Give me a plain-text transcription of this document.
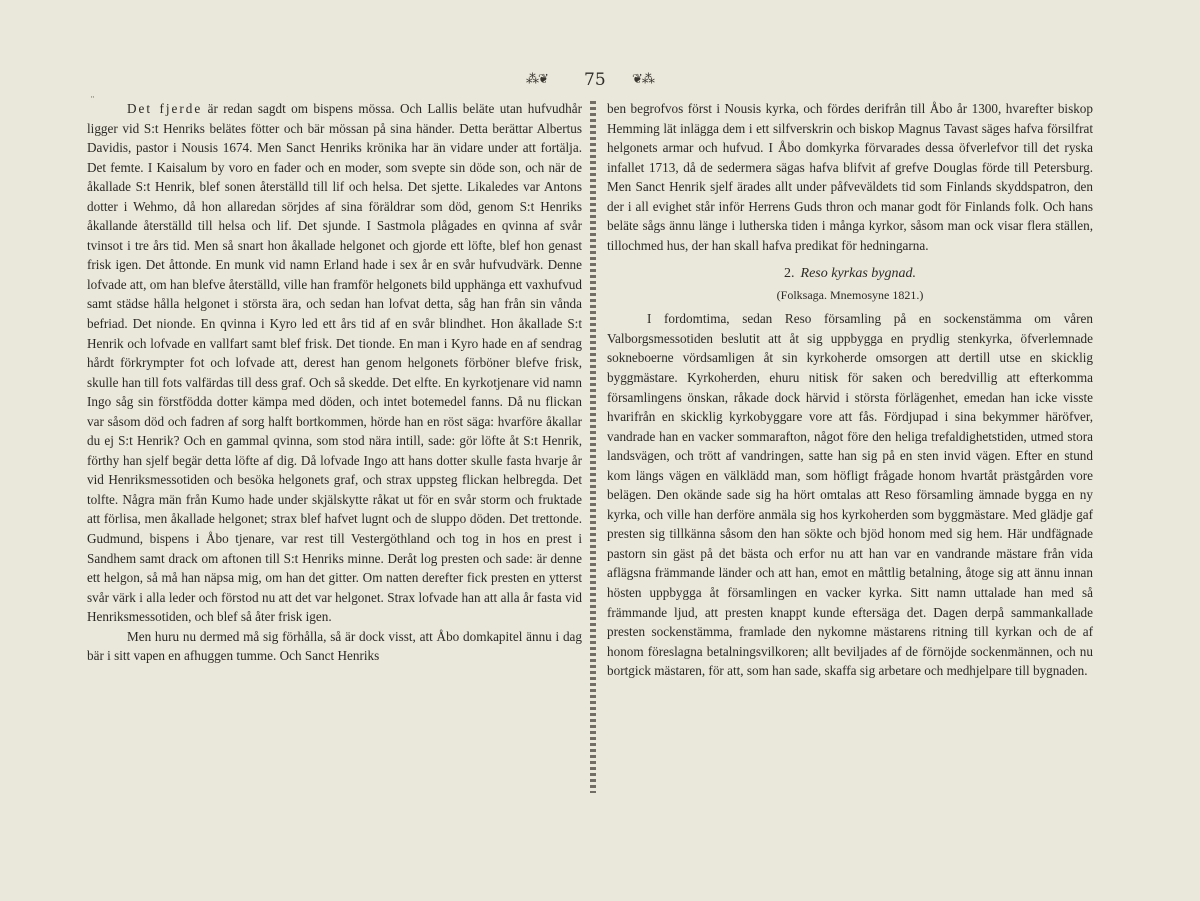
⁂❦ 75 ❦⁂
¨	Det fjerde är redan sagdt om bispens mössa. Och Lallis beläte utan hufvudhår ligger vid S:t Henriks belätes fötter och bär mössan på sina händer. Detta berättar Albertus Davidis, pastor i Nousis 1674. Men Sanct Henriks krönika har än vidare under att fortälja. Det femte. I Kaisalum by voro en fader och en moder, som svepte sin döde son, och när de åkallade S:t Henrik, blef sonen återställd till lif och helsa. Det sjette. Likaledes var Antons dotter i Wehmo, då hon allaredan sörjdes af sina föräldrar som död, genom S:t Henriks åkallande återställd till helsa och lif. Det sjunde. I Sastmola plågades en qvinna af svår tvinsot i tre års tid. Men så snart hon åkallade helgonet och gjorde ett löfte, blef hon genast frisk igen. Det åttonde. En munk vid namn Erland hade i sex år en svår hufvudvärk. Denne lofvade att, om han blefve återställd, ville han framför helgonets bild upphänga ett vaxhufvud samt städse hålla helgonet i största ära, och sedan han lofvat detta, såg han från sin vånda befriad. Det nionde. En qvinna i Kyro led ett års tid af en svår blindhet. Hon åkallade S:t Henrik och lofvade en vallfart samt blef frisk. Det tionde. En man i Kyro hade en af sendrag hårdt förkrympter fot och lofvade att, derest han genom helgonets förböner blefve frisk, skulle han till fots valfärdas till dess graf. Och så skedde. Det elfte. En kyrkotjenare vid namn Ingo såg sin förstfödda dotter kämpa med döden, och intet botemedel fanns. Då nu flickan var såsom död och fadren af sorg halft bortkommen, hörde han en röst säga: hvarföre åkallar du ej S:t Henrik? Och en gammal qvinna, som stod nära intill, sade: gör löfte åt S:t Henrik, förthy han sjelf begär detta löfte af dig. Då lofvade Ingo att hans dotter skulle fasta hvarje år vid Henriksmessotiden och besöka helgonets graf, och strax uppsteg flickan helbregda. Det tolfte. Några män från Kumo hade under skjälskytte råkat ut för en svår storm och fruktade att förlisa, men åkallade helgonet; strax blef hafvet lugnt och de sluppo döden. Det trettonde. Gudmund, bispens i Åbo tjenare, var rest till Vestergöthland och tog in hos en prest i Sandhem samt drack om aftonen till S:t Henriks minne. Deråt log presten och sade: är denne ett helgon, så må han näpsa mig, om han det gitter. Om natten derefter fick presten en ytterst svår värk i alla leder och förstod nu att det var helgonet. Strax lofvade han att alla år fasta vid Henriksmessotiden, och blef så åter frisk igen.

Men huru nu dermed må sig förhålla, så är dock visst, att Åbo domkapitel ännu i dag bär i sitt vapen en afhuggen tumme. Och Sanct Henriks

ben begrofvos först i Nousis kyrka, och fördes derifrån till Åbo år 1300, hvarefter biskop Hemming lät inlägga dem i ett silfverskrin och biskop Magnus Tavast säges hafva försilfrat helgonets armar och hufvud. I Åbo domkyrka förvarades dessa öfverlefvor till det ryska infallet 1713, då de sedermera sägas hafva blifvit af grefve Douglas förde till Petersburg. Men Sanct Henrik sjelf ärades allt under påfveväldets tid som Finlands skyddspatron, den der i all evighet står inför Herrens Guds thron och manar godt för Finlands folk. Och hans beläte sågs ännu länge i lutherska tiden i många kyrkor, såsom man ock visar flera ställen, tillochmed hus, der han skall hafva predikat för hedningarna.

2. Reso kyrkas bygnad.
(Folksaga. Mnemosyne 1821.)

I fordomtima, sedan Reso församling på en sockenstämma om våren Valborgsmessotiden beslutit att åt sig uppbygga en prydlig stenkyrka, öfverlemnade sokneboerne vördsamligen åt sin kyrkoherde omsorgen att dertill utse en skicklig byggmästare. Kyrkoherden, ehuru nitisk för saken och beredvillig att efterkomma församlingens önskan, råkade dock härvid i största förlägenhet, emedan han icke visste hvarifrån en skicklig kyrkobyggare vore att fås. Fördjupad i sina bekymmer häröfver, vandrade han en vacker sommarafton, något före den heliga trefaldighetstiden, utmed stora landsvägen, och trött af vandringen, satte han sig på en sten invid vägen. Efter en stund kom längs vägen en välklädd man, som höfligt frågade honom hvartåt prästgården vore belägen. Den okände sade sig ha hört omtalas att Reso församling ämnade bygga en ny kyrka, och ville han derföre anmäla sig hos kyrkoherden som byggmästare. Med glädje gaf presten sig tillkänna såsom den han sökte och bjöd honom med sig hem. Här undfägnade pastorn sin gäst på det bästa och erfor nu att han var en vandrande mästare från vida aflägsna främmande länder och att han, emot en måttlig betalning, åtoge sig att ännu innan hösten uppbygga åt församlingen en vacker kyrka. Sitt namn uttalade han med så främmande ljud, att presten knappt kunde eftersäga det. Dagen derpå sammankallade presten sockenstämma, framlade den nykomne mästarens ritning till kyrkan och de af honom föreslagna betalningsvilkoren; allt beviljades af de förnöjde sockenmännen, och nu bortgick mästaren, för att, som han sade, skaffa sig arbetare och medhjelpare till bygnaden.
